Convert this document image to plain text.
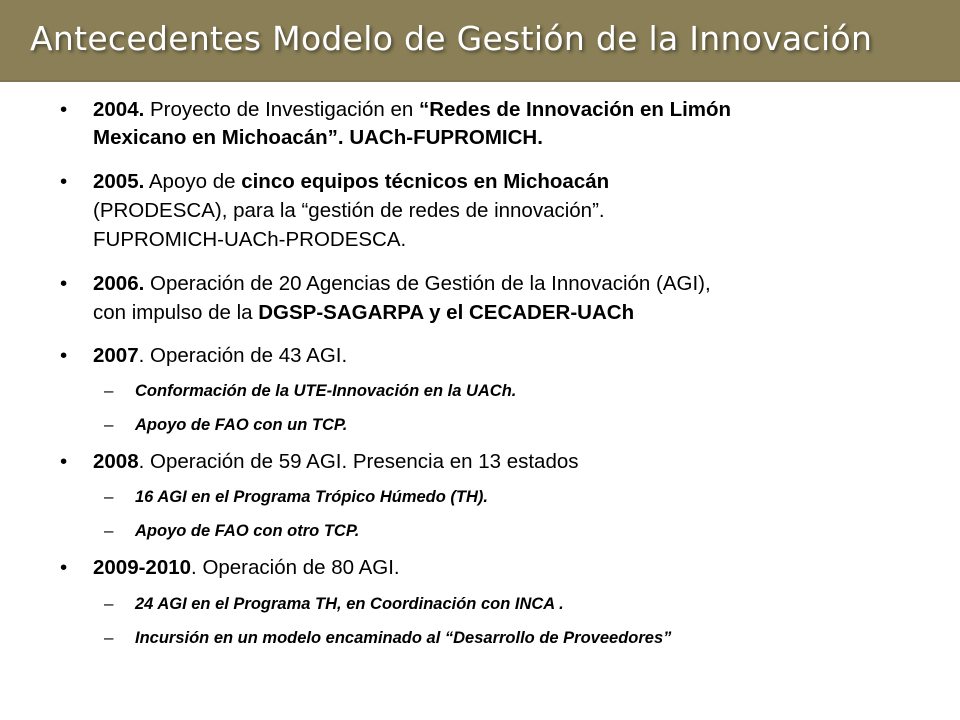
Antecedentes Modelo de Gestión de la Innovación
• 2004. Proyecto de Investigación en “Redes de Innovación en Limón
Mexicano en Michoacán”. UACh-FUPROMICH.
• 2005. Apoyo de cinco equipos técnicos en Michoacán
(PRODESCA), para la “gestión de redes de innovación”.
FUPROMICH-UACh-PRODESCA.
• 2006. Operación de 20 Agencias de Gestión de la Innovación (AGI),
con impulso de la DGSP-SAGARPA y el CECADER-UACh
• 2007. Operación de 43 AGI.
– Conformación de la UTE-Innovación en la UACh.
– Apoyo de FAO con un TCP.
• 2008. Operación de 59 AGI. Presencia en 13 estados
– 16 AGI en el Programa Trópico Húmedo (TH).
– Apoyo de FAO con otro TCP.
• 2009-2010. Operación de 80 AGI.
– 24 AGI en el Programa TH, en Coordinación con INCA .
– Incursión en un modelo encaminado al “Desarrollo de Proveedores”
